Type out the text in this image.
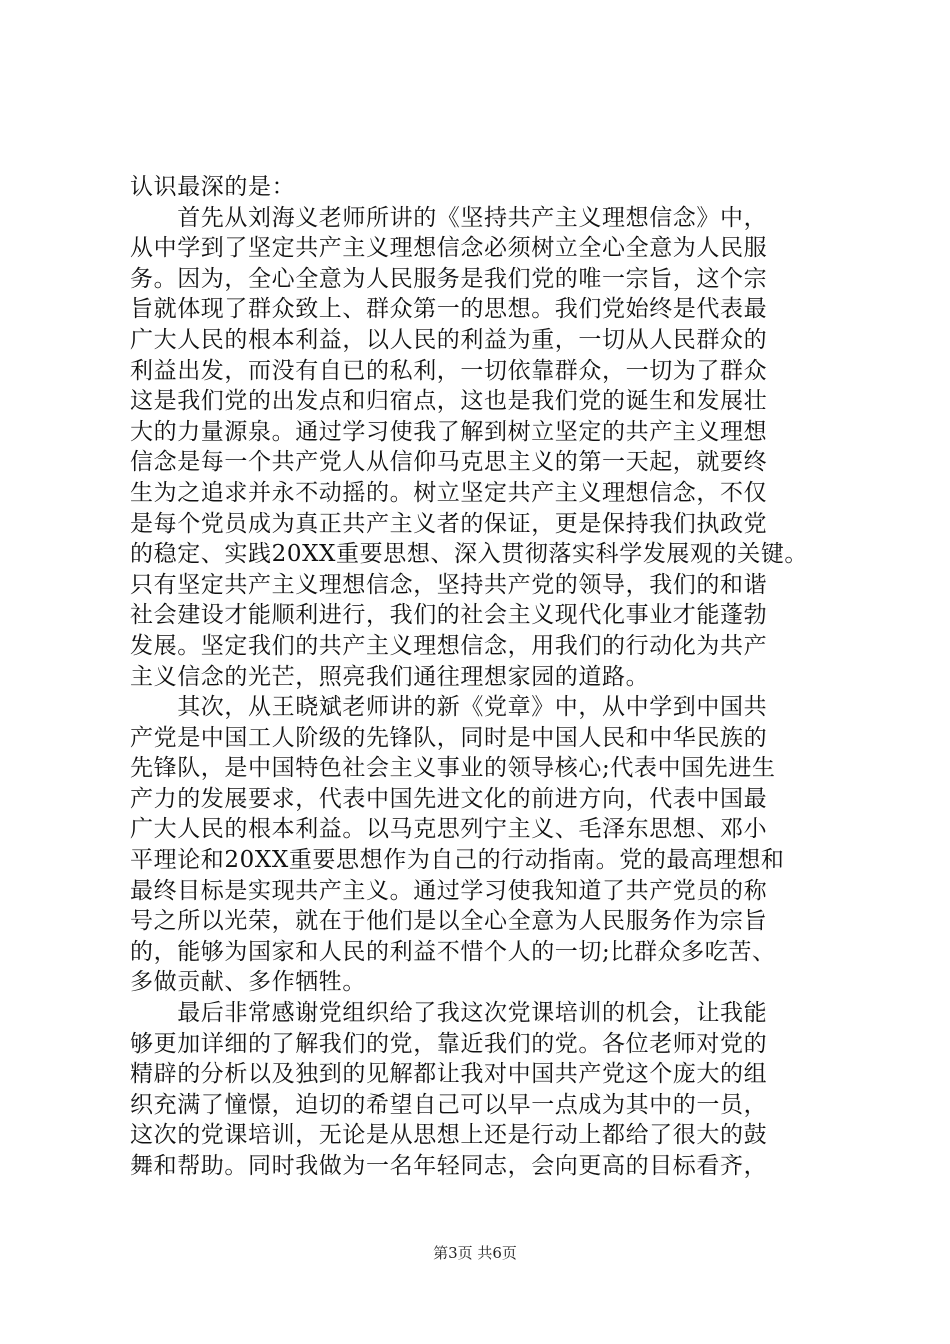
认识最深的是：
　　首先从刘海义老师所讲的《坚持共产主义理想信念》中，
从中学到了坚定共产主义理想信念必须树立全心全意为人民服
务。因为，全心全意为人民服务是我们党的唯一宗旨，这个宗
旨就体现了群众致上、群众第一的思想。我们党始终是代表最
广大人民的根本利益，以人民的利益为重，一切从人民群众的
利益出发，而没有自已的私利，一切依靠群众，一切为了群众
这是我们党的出发点和归宿点，这也是我们党的诞生和发展壮
大的力量源泉。通过学习使我了解到树立坚定的共产主义理想
信念是每一个共产党人从信仰马克思主义的第一天起，就要终
生为之追求并永不动摇的。树立坚定共产主义理想信念，不仅
是每个党员成为真正共产主义者的保证，更是保持我们执政党
的稳定、实践20XX重要思想、深入贯彻落实科学发展观的关键。
只有坚定共产主义理想信念，坚持共产党的领导，我们的和谐
社会建设才能顺利进行，我们的社会主义现代化事业才能蓬勃
发展。坚定我们的共产主义理想信念，用我们的行动化为共产
主义信念的光芒，照亮我们通往理想家园的道路。
　　其次，从王晓斌老师讲的新《党章》中，从中学到中国共
产党是中国工人阶级的先锋队，同时是中国人民和中华民族的
先锋队，是中国特色社会主义事业的领导核心;代表中国先进生
产力的发展要求，代表中国先进文化的前进方向，代表中国最
广大人民的根本利益。以马克思列宁主义、毛泽东思想、邓小
平理论和20XX重要思想作为自己的行动指南。党的最高理想和
最终目标是实现共产主义。通过学习使我知道了共产党员的称
号之所以光荣，就在于他们是以全心全意为人民服务作为宗旨
的，能够为国家和人民的利益不惜个人的一切;比群众多吃苦、
多做贡献、多作牺牲。
　　最后非常感谢党组织给了我这次党课培训的机会，让我能
够更加详细的了解我们的党，靠近我们的党。各位老师对党的
精辟的分析以及独到的见解都让我对中国共产党这个庞大的组
织充满了憧憬，迫切的希望自己可以早一点成为其中的一员，
这次的党课培训，无论是从思想上还是行动上都给了很大的鼓
舞和帮助。同时我做为一名年轻同志，会向更高的目标看齐，
第3页 共6页
